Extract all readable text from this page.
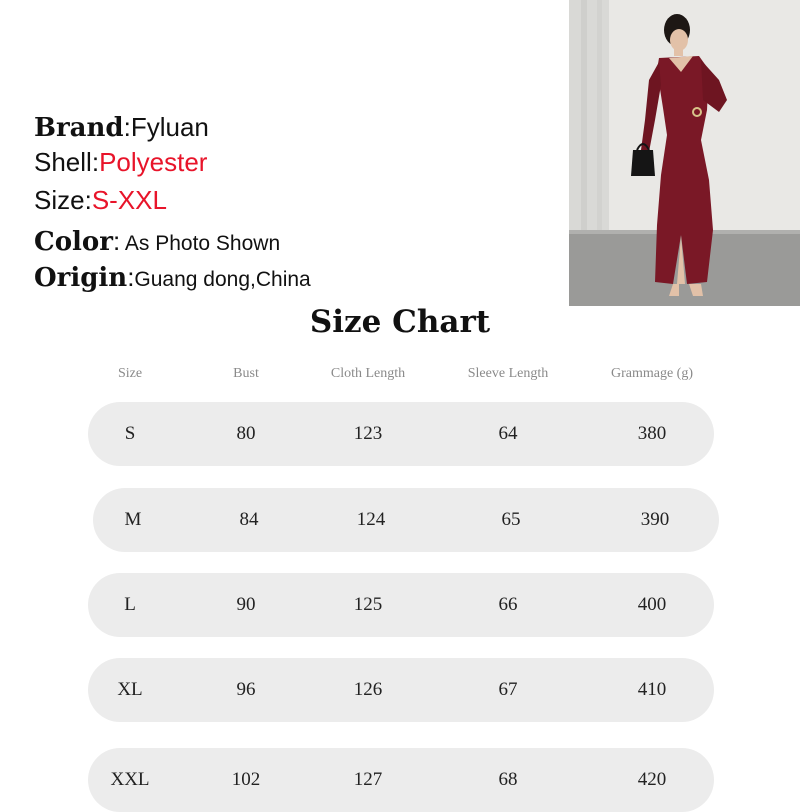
Brand:Fyluan
Shell:Polyester
Size:S-XXL
Color: As Photo Shown
Origin:Guang dong,China
Size Chart
Size	Bust	Cloth Length	Sleeve Length	Grammage (g)
S	80	123	64	380
M	84	124	65	390
L	90	125	66	400
XL	96	126	67	410
XXL	102	127	68	420
